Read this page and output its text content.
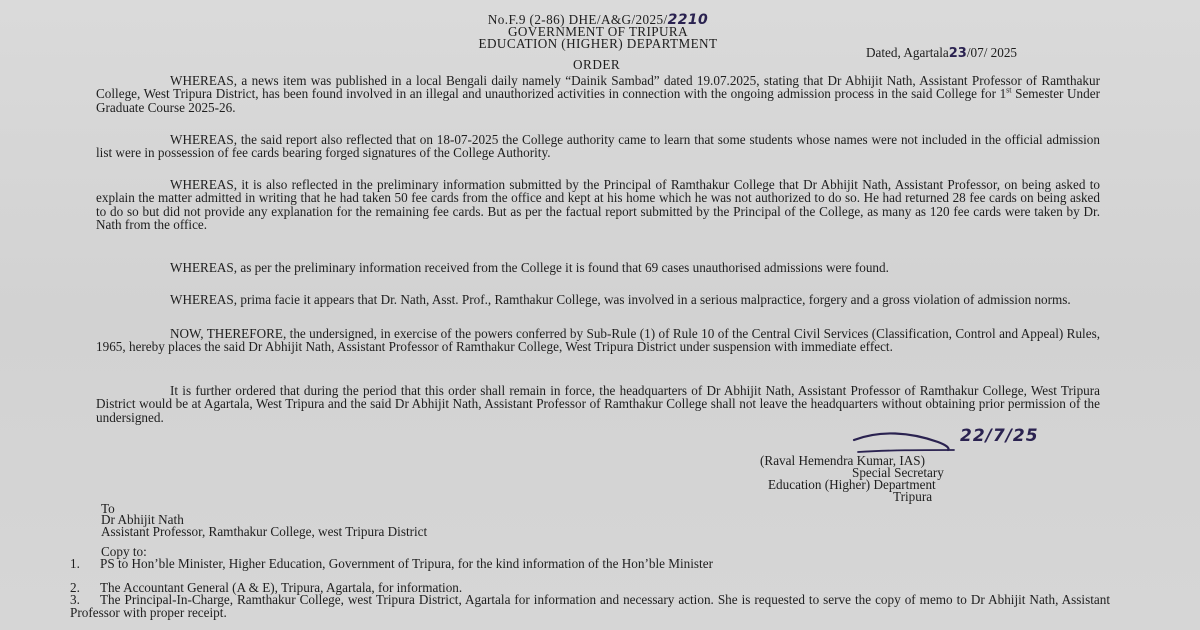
No.F.9 (2-86) DHE/A&G/2025/2210
GOVERNMENT OF TRIPURA
EDUCATION (HIGHER) DEPARTMENT
Dated, Agartala23/07/ 2025
ORDER
WHEREAS, a news item was published in a local Bengali daily namely “Dainik Sambad” dated 19.07.2025, stating that Dr Abhijit Nath, Assistant Professor of Ramthakur College, West Tripura District, has been found involved in an illegal and unauthorized activities in connection with the ongoing admission process in the said College for 1st Semester Under Graduate Course 2025-26.
WHEREAS, the said report also reflected that on 18-07-2025 the College authority came to learn that some students whose names were not included in the official admission list were in possession of fee cards bearing forged signatures of the College Authority.
WHEREAS, it is also reflected in the preliminary information submitted by the Principal of Ramthakur College that Dr Abhijit Nath, Assistant Professor, on being asked to explain the matter admitted in writing that he had taken 50 fee cards from the office and kept at his home which he was not authorized to do so. He had returned 28 fee cards on being asked to do so but did not provide any explanation for the remaining fee cards. But as per the factual report submitted by the Principal of the College, as many as 120 fee cards were taken by Dr. Nath from the office.
WHEREAS, as per the preliminary information received from the College it is found that 69 cases unauthorised admissions were found.
WHEREAS, prima facie it appears that Dr. Nath, Asst. Prof., Ramthakur College, was involved in a serious malpractice, forgery and a gross violation of admission norms.
NOW, THEREFORE, the undersigned, in exercise of the powers conferred by Sub-Rule (1) of Rule 10 of the Central Civil Services (Classification, Control and Appeal) Rules, 1965, hereby places the said Dr Abhijit Nath, Assistant Professor of Ramthakur College, West Tripura District under suspension with immediate effect.
It is further ordered that during the period that this order shall remain in force, the headquarters of Dr Abhijit Nath, Assistant Professor of Ramthakur College, West Tripura District would be at Agartala, West Tripura and the said Dr Abhijit Nath, Assistant Professor of Ramthakur College shall not leave the headquarters without obtaining prior permission of the undersigned.
22/7/25
(Raval Hemendra Kumar, IAS)
Special Secretary
Education (Higher) Department
Tripura
To
Dr Abhijit Nath
Assistant Professor, Ramthakur College, west Tripura District
Copy to:
1. PS to Hon’ble Minister, Higher Education, Government of Tripura, for the kind information of the Hon’ble Minister
2. The Accountant General (A & E), Tripura, Agartala, for information.
3. The Principal-In-Charge, Ramthakur College, west Tripura District, Agartala for information and necessary action. She is requested to serve the copy of memo to Dr Abhijit Nath, Assistant Professor with proper receipt.
